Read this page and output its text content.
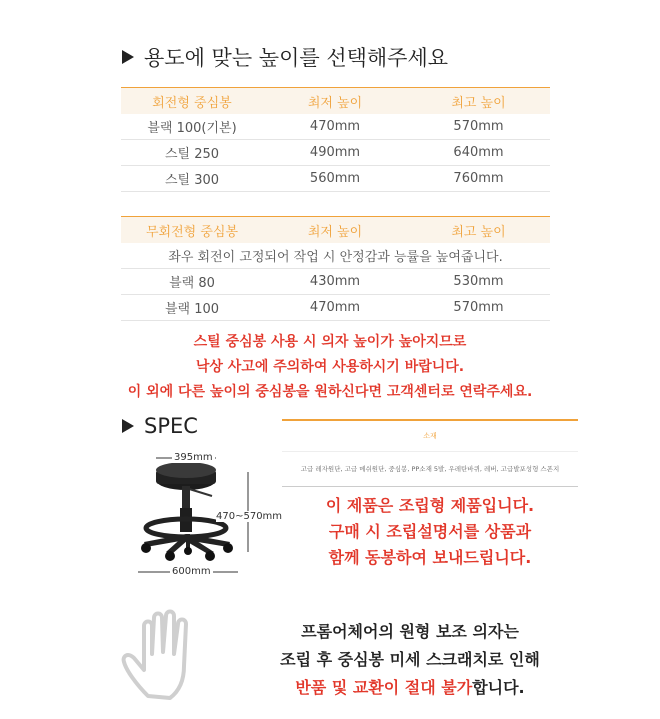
용도에 맞는 높이를 선택해주세요
회전형 중심봉	최저 높이	최고 높이
블랙 100(기본)	470mm	570mm
스틸 250	490mm	640mm
스틸 300	560mm	760mm
무회전형 중심봉	최저 높이	최고 높이
좌우 회전이 고정되어 작업 시 안정감과 능률을 높여줍니다.		
블랙 80	430mm	530mm
블랙 100	470mm	570mm
스틸 중심봉 사용 시 의자 높이가 높아지므로
낙상 사고에 주의하여 사용하시기 바랍니다.
이 외에 다른 높이의 중심봉을 원하신다면 고객센터로 연락주세요.
SPEC
395mm
470~570mm
600mm
소재
고급 레자원단, 고급 메쉬원단, 중심봉, PP소재 5발, 우레탄바퀴, 레버, 고급발포성형 스폰지
이 제품은 조립형 제품입니다.
구매 시 조립설명서를 상품과
함께 동봉하여 보내드립니다.
프롬어체어의 원형 보조 의자는
조립 후 중심봉 미세 스크래치로 인해
반품 및 교환이 절대 불가합니다.
